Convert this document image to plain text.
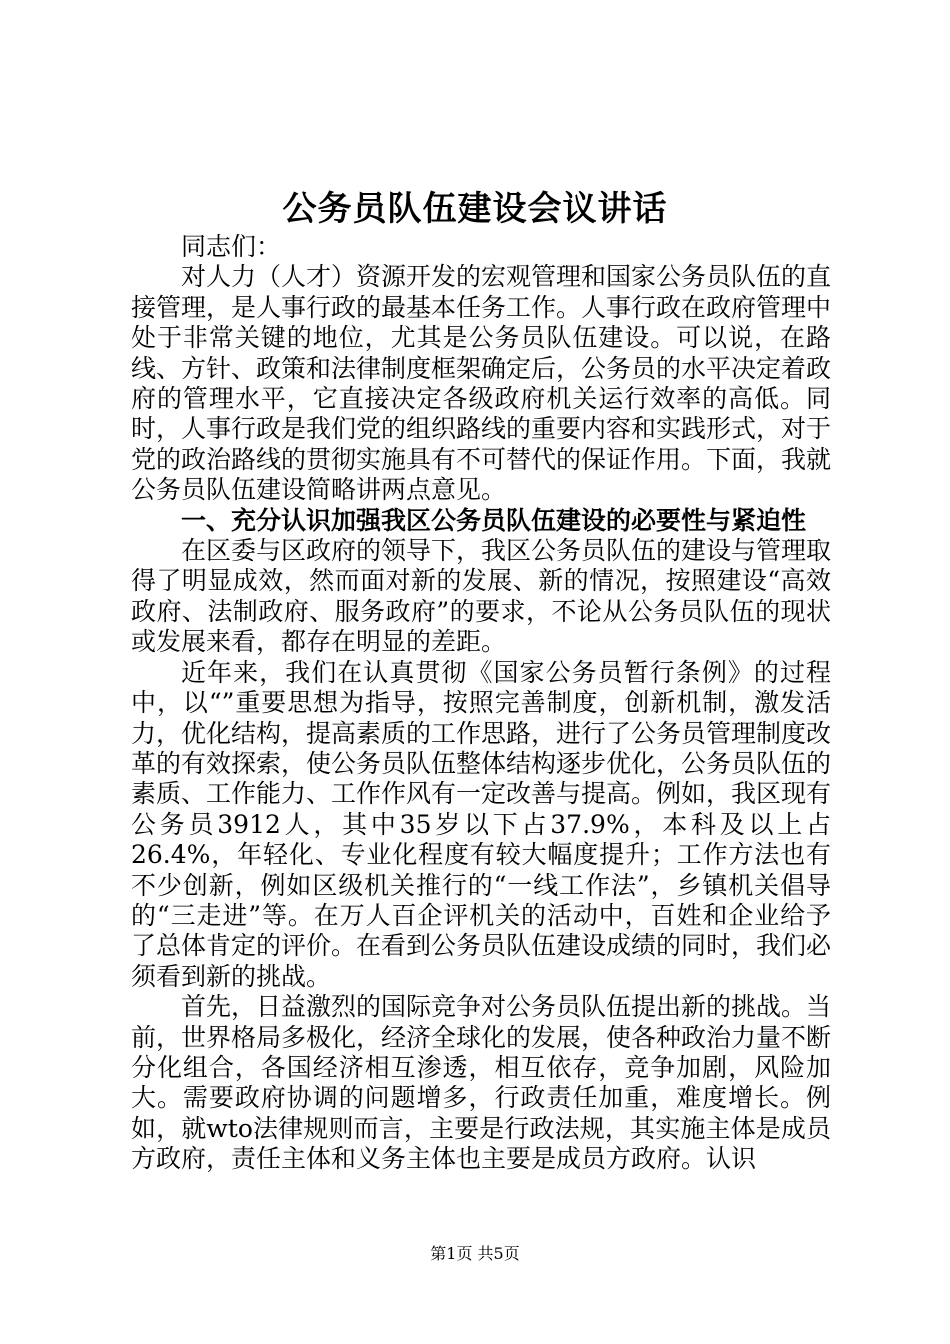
公务员队伍建设会议讲话

同志们：

对人力（人才）资源开发的宏观管理和国家公务员队伍的直接管理，是人事行政的最基本任务工作。人事行政在政府管理中处于非常关键的地位，尤其是公务员队伍建设。可以说，在路线、方针、政策和法律制度框架确定后，公务员的水平决定着政府的管理水平，它直接决定各级政府机关运行效率的高低。同时，人事行政是我们党的组织路线的重要内容和实践形式，对于党的政治路线的贯彻实施具有不可替代的保证作用。下面，我就公务员队伍建设简略讲两点意见。

一、充分认识加强我区公务员队伍建设的必要性与紧迫性

在区委与区政府的领导下，我区公务员队伍的建设与管理取得了明显成效，然而面对新的发展、新的情况，按照建设“高效政府、法制政府、服务政府”的要求，不论从公务员队伍的现状或发展来看，都存在明显的差距。

近年来，我们在认真贯彻《国家公务员暂行条例》的过程中，以“”重要思想为指导，按照完善制度，创新机制，激发活力，优化结构，提高素质的工作思路，进行了公务员管理制度改革的有效探索，使公务员队伍整体结构逐步优化，公务员队伍的素质、工作能力、工作作风有一定改善与提高。例如，我区现有公务员3912人，其中35岁以下占37.9%，本科及以上占26.4%，年轻化、专业化程度有较大幅度提升；工作方法也有不少创新，例如区级机关推行的“一线工作法”，乡镇机关倡导的“三走进”等。在万人百企评机关的活动中，百姓和企业给予了总体肯定的评价。在看到公务员队伍建设成绩的同时，我们必须看到新的挑战。

首先，日益激烈的国际竞争对公务员队伍提出新的挑战。当前，世界格局多极化，经济全球化的发展，使各种政治力量不断分化组合，各国经济相互渗透，相互依存，竞争加剧，风险加大。需要政府协调的问题增多，行政责任加重，难度增长。例如，就wto法律规则而言，主要是行政法规，其实施主体是成员方政府，责任主体和义务主体也主要是成员方政府。认识

第1页 共5页
